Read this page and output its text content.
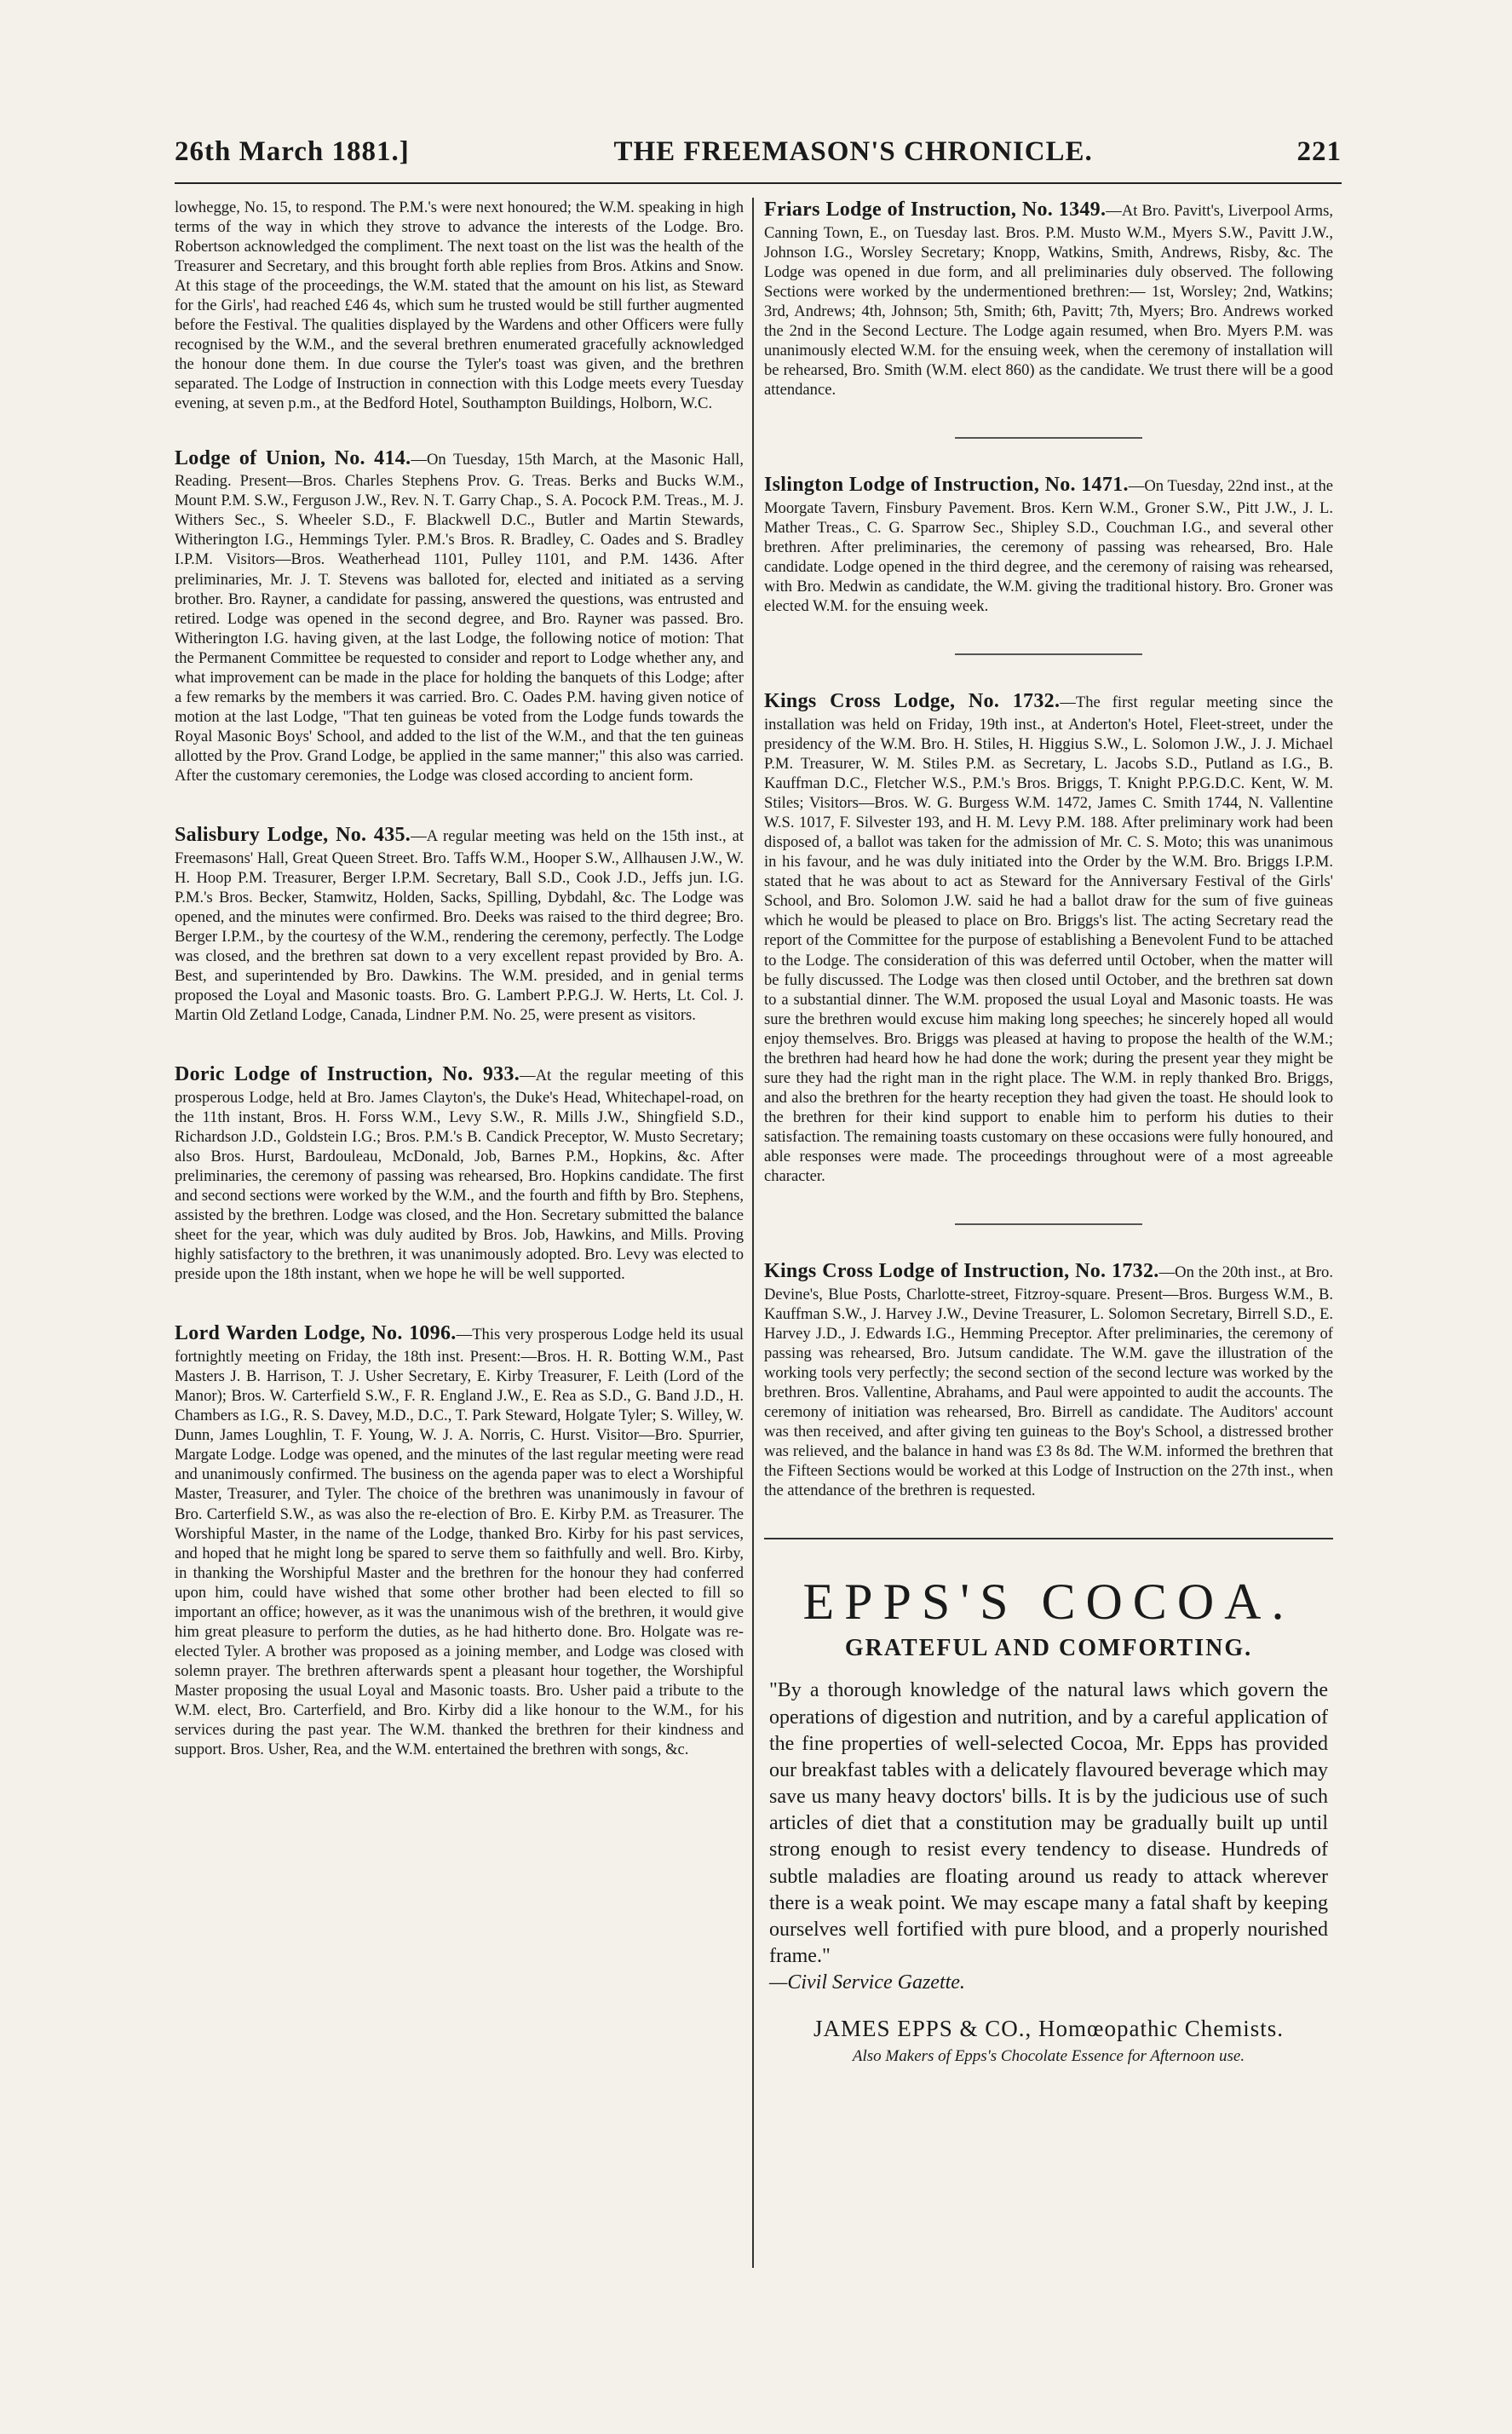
26th March 1881.]	THE FREEMASON'S CHRONICLE.	221

lowhegge, No. 15, to respond. The P.M.'s were next honoured; the W.M. speaking in high terms of the way in which they strove to advance the interests of the Lodge. Bro. Robertson acknowledged the compliment. The next toast on the list was the health of the Treasurer and Secretary, and this brought forth able replies from Bros. Atkins and Snow. At this stage of the proceedings, the W.M. stated that the amount on his list, as Steward for the Girls', had reached £46 4s, which sum he trusted would be still further augmented before the Festival. The qualities displayed by the Wardens and other Officers were fully recognised by the W.M., and the several brethren enumerated gracefully acknowledged the honour done them. In due course the Tyler's toast was given, and the brethren separated. The Lodge of Instruction in connection with this Lodge meets every Tuesday evening, at seven p.m., at the Bedford Hotel, Southampton Buildings, Holborn, W.C.

Lodge of Union, No. 414.—On Tuesday, 15th March, at the Masonic Hall, Reading. Present—Bros. Charles Stephens Prov. G. Treas. Berks and Bucks W.M., Mount P.M. S.W., Ferguson J.W., Rev. N. T. Garry Chap., S. A. Pocock P.M. Treas., M. J. Withers Sec., S. Wheeler S.D., F. Blackwell D.C., Butler and Martin Stewards, Witherington I.G., Hemmings Tyler. P.M.'s Bros. R. Bradley, C. Oades and S. Bradley I.P.M. Visitors—Bros. Weatherhead 1101, Pulley 1101, and P.M. 1436. After preliminaries, Mr. J. T. Stevens was balloted for, elected and initiated as a serving brother. Bro. Rayner, a candidate for passing, answered the questions, was entrusted and retired. Lodge was opened in the second degree, and Bro. Rayner was passed. Bro. Witherington I.G. having given, at the last Lodge, the following notice of motion: That the Permanent Committee be requested to consider and report to Lodge whether any, and what improvement can be made in the place for holding the banquets of this Lodge; after a few remarks by the members it was carried. Bro. C. Oades P.M. having given notice of motion at the last Lodge, "That ten guineas be voted from the Lodge funds towards the Royal Masonic Boys' School, and added to the list of the W.M., and that the ten guineas allotted by the Prov. Grand Lodge, be applied in the same manner;" this also was carried. After the customary ceremonies, the Lodge was closed according to ancient form.

Salisbury Lodge, No. 435.—A regular meeting was held on the 15th inst., at Freemasons' Hall, Great Queen Street. Bro. Taffs W.M., Hooper S.W., Allhausen J.W., W. H. Hoop P.M. Treasurer, Berger I.P.M. Secretary, Ball S.D., Cook J.D., Jeffs jun. I.G. P.M.'s Bros. Becker, Stamwitz, Holden, Sacks, Spilling, Dybdahl, &c. The Lodge was opened, and the minutes were confirmed. Bro. Deeks was raised to the third degree; Bro. Berger I.P.M., by the courtesy of the W.M., rendering the ceremony, perfectly. The Lodge was closed, and the brethren sat down to a very excellent repast provided by Bro. A. Best, and superintended by Bro. Dawkins. The W.M. presided, and in genial terms proposed the Loyal and Masonic toasts. Bro. G. Lambert P.P.G.J. W. Herts, Lt. Col. J. Martin Old Zetland Lodge, Canada, Lindner P.M. No. 25, were present as visitors.

Doric Lodge of Instruction, No. 933.—At the regular meeting of this prosperous Lodge, held at Bro. James Clayton's, the Duke's Head, Whitechapel-road, on the 11th instant, Bros. H. Forss W.M., Levy S.W., R. Mills J.W., Shingfield S.D., Richardson J.D., Goldstein I.G.; Bros. P.M.'s B. Candick Preceptor, W. Musto Secretary; also Bros. Hurst, Bardouleau, McDonald, Job, Barnes P.M., Hopkins, &c. After preliminaries, the ceremony of passing was rehearsed, Bro. Hopkins candidate. The first and second sections were worked by the W.M., and the fourth and fifth by Bro. Stephens, assisted by the brethren. Lodge was closed, and the Hon. Secretary submitted the balance sheet for the year, which was duly audited by Bros. Job, Hawkins, and Mills. Proving highly satisfactory to the brethren, it was unanimously adopted. Bro. Levy was elected to preside upon the 18th instant, when we hope he will be well supported.

Lord Warden Lodge, No. 1096.—This very prosperous Lodge held its usual fortnightly meeting on Friday, the 18th inst. Present:—Bros. H. R. Botting W.M., Past Masters J. B. Harrison, T. J. Usher Secretary, E. Kirby Treasurer, F. Leith (Lord of the Manor); Bros. W. Carterfield S.W., F. R. England J.W., E. Rea as S.D., G. Band J.D., H. Chambers as I.G., R. S. Davey, M.D., D.C., T. Park Steward, Holgate Tyler; S. Willey, W. Dunn, James Loughlin, T. F. Young, W. J. A. Norris, C. Hurst. Visitor—Bro. Spurrier, Margate Lodge. Lodge was opened, and the minutes of the last regular meeting were read and unanimously confirmed. The business on the agenda paper was to elect a Worshipful Master, Treasurer, and Tyler. The choice of the brethren was unanimously in favour of Bro. Carterfield S.W., as was also the re-election of Bro. E. Kirby P.M. as Treasurer. The Worshipful Master, in the name of the Lodge, thanked Bro. Kirby for his past services, and hoped that he might long be spared to serve them so faithfully and well. Bro. Kirby, in thanking the Worshipful Master and the brethren for the honour they had conferred upon him, could have wished that some other brother had been elected to fill so important an office; however, as it was the unanimous wish of the brethren, it would give him great pleasure to perform the duties, as he had hitherto done. Bro. Holgate was re-elected Tyler. A brother was proposed as a joining member, and Lodge was closed with solemn prayer. The brethren afterwards spent a pleasant hour together, the Worshipful Master proposing the usual Loyal and Masonic toasts. Bro. Usher paid a tribute to the W.M. elect, Bro. Carterfield, and Bro. Kirby did a like honour to the W.M., for his services during the past year. The W.M. thanked the brethren for their kindness and support. Bros. Usher, Rea, and the W.M. entertained the brethren with songs, &c.

Friars Lodge of Instruction, No. 1349.—At Bro. Pavitt's, Liverpool Arms, Canning Town, E., on Tuesday last. Bros. P.M. Musto W.M., Myers S.W., Pavitt J.W., Johnson I.G., Worsley Secretary; Knopp, Watkins, Smith, Andrews, Risby, &c. The Lodge was opened in due form, and all preliminaries duly observed. The following Sections were worked by the undermentioned brethren:— 1st, Worsley; 2nd, Watkins; 3rd, Andrews; 4th, Johnson; 5th, Smith; 6th, Pavitt; 7th, Myers; Bro. Andrews worked the 2nd in the Second Lecture. The Lodge again resumed, when Bro. Myers P.M. was unanimously elected W.M. for the ensuing week, when the ceremony of installation will be rehearsed, Bro. Smith (W.M. elect 860) as the candidate. We trust there will be a good attendance.

Islington Lodge of Instruction, No. 1471.—On Tuesday, 22nd inst., at the Moorgate Tavern, Finsbury Pavement. Bros. Kern W.M., Groner S.W., Pitt J.W., J. L. Mather Treas., C. G. Sparrow Sec., Shipley S.D., Couchman I.G., and several other brethren. After preliminaries, the ceremony of passing was rehearsed, Bro. Hale candidate. Lodge opened in the third degree, and the ceremony of raising was rehearsed, with Bro. Medwin as candidate, the W.M. giving the traditional history. Bro. Groner was elected W.M. for the ensuing week.

Kings Cross Lodge, No. 1732.—The first regular meeting since the installation was held on Friday, 19th inst., at Anderton's Hotel, Fleet-street, under the presidency of the W.M. Bro. H. Stiles, H. Higgius S.W., L. Solomon J.W., J. J. Michael P.M. Treasurer, W. M. Stiles P.M. as Secretary, L. Jacobs S.D., Putland as I.G., B. Kauffman D.C., Fletcher W.S., P.M.'s Bros. Briggs, T. Knight P.P.G.D.C. Kent, W. M. Stiles; Visitors—Bros. W. G. Burgess W.M. 1472, James C. Smith 1744, N. Vallentine W.S. 1017, F. Silvester 193, and H. M. Levy P.M. 188. After preliminary work had been disposed of, a ballot was taken for the admission of Mr. C. S. Moto; this was unanimous in his favour, and he was duly initiated into the Order by the W.M. Bro. Briggs I.P.M. stated that he was about to act as Steward for the Anniversary Festival of the Girls' School, and Bro. Solomon J.W. said he had a ballot draw for the sum of five guineas which he would be pleased to place on Bro. Briggs's list. The acting Secretary read the report of the Committee for the purpose of establishing a Benevolent Fund to be attached to the Lodge. The consideration of this was deferred until October, when the matter will be fully discussed. The Lodge was then closed until October, and the brethren sat down to a substantial dinner. The W.M. proposed the usual Loyal and Masonic toasts. He was sure the brethren would excuse him making long speeches; he sincerely hoped all would enjoy themselves. Bro. Briggs was pleased at having to propose the health of the W.M.; the brethren had heard how he had done the work; during the present year they might be sure they had the right man in the right place. The W.M. in reply thanked Bro. Briggs, and also the brethren for the hearty reception they had given the toast. He should look to the brethren for their kind support to enable him to perform his duties to their satisfaction. The remaining toasts customary on these occasions were fully honoured, and able responses were made. The proceedings throughout were of a most agreeable character.

Kings Cross Lodge of Instruction, No. 1732.—On the 20th inst., at Bro. Devine's, Blue Posts, Charlotte-street, Fitzroy-square. Present—Bros. Burgess W.M., B. Kauffman S.W., J. Harvey J.W., Devine Treasurer, L. Solomon Secretary, Birrell S.D., E. Harvey J.D., J. Edwards I.G., Hemming Preceptor. After preliminaries, the ceremony of passing was rehearsed, Bro. Jutsum candidate. The W.M. gave the illustration of the working tools very perfectly; the second section of the second lecture was worked by the brethren. Bros. Vallentine, Abrahams, and Paul were appointed to audit the accounts. The ceremony of initiation was rehearsed, Bro. Birrell as candidate. The Auditors' account was then received, and after giving ten guineas to the Boy's School, a distressed brother was relieved, and the balance in hand was £3 8s 8d. The W.M. informed the brethren that the Fifteen Sections would be worked at this Lodge of Instruction on the 27th inst., when the attendance of the brethren is requested.

EPPS'S COCOA.
GRATEFUL AND COMFORTING.

"By a thorough knowledge of the natural laws which govern the operations of digestion and nutrition, and by a careful application of the fine properties of well-selected Cocoa, Mr. Epps has provided our breakfast tables with a delicately flavoured beverage which may save us many heavy doctors' bills. It is by the judicious use of such articles of diet that a constitution may be gradually built up until strong enough to resist every tendency to disease. Hundreds of subtle maladies are floating around us ready to attack wherever there is a weak point. We may escape many a fatal shaft by keeping ourselves well fortified with pure blood, and a properly nourished frame."
—Civil Service Gazette.

JAMES EPPS & CO., Homœopathic Chemists.
Also Makers of Epps's Chocolate Essence for Afternoon use.
